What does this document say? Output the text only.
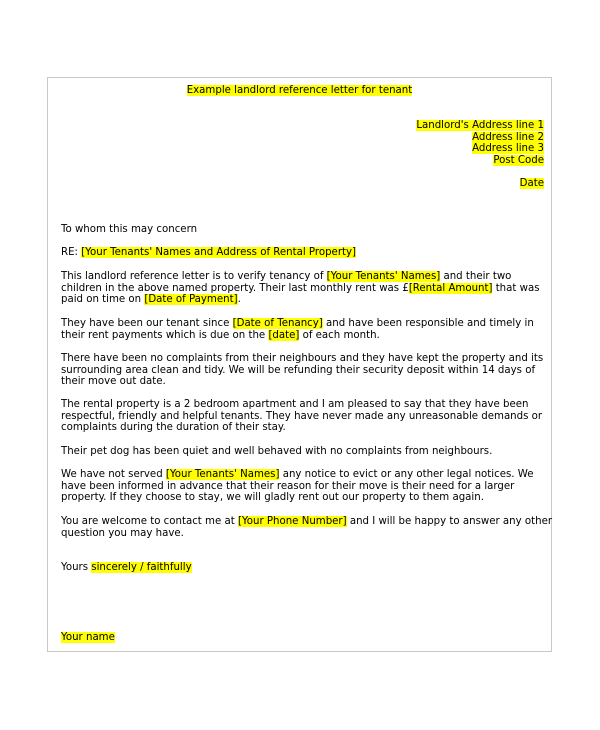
Example landlord reference letter for tenant
Landlord's Address line 1
Address line 2
Address line 3
Post Code
Date
To whom this may concern
RE: [Your Tenants' Names and Address of Rental Property]
This landlord reference letter is to verify tenancy of [Your Tenants' Names] and their two
children in the above named property. Their last monthly rent was £[Rental Amount] that was
paid on time on [Date of Payment].
They have been our tenant since [Date of Tenancy] and have been responsible and timely in
their rent payments which is due on the [date] of each month.
There have been no complaints from their neighbours and they have kept the property and its
surrounding area clean and tidy. We will be refunding their security deposit within 14 days of
their move out date.
The rental property is a 2 bedroom apartment and I am pleased to say that they have been
respectful, friendly and helpful tenants. They have never made any unreasonable demands or
complaints during the duration of their stay.
Their pet dog has been quiet and well behaved with no complaints from neighbours.
We have not served [Your Tenants' Names] any notice to evict or any other legal notices. We
have been informed in advance that their reason for their move is their need for a larger
property. If they choose to stay, we will gladly rent out our property to them again.
You are welcome to contact me at [Your Phone Number] and I will be happy to answer any other
question you may have.
Yours sincerely / faithfully
Your name
